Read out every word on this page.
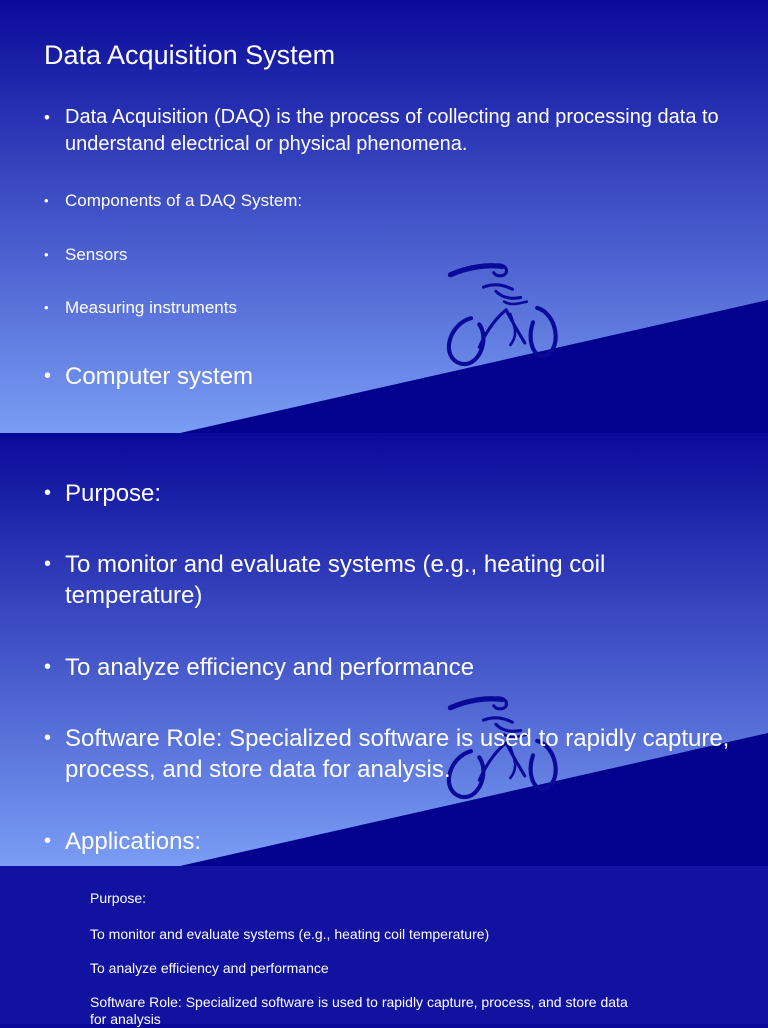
Data Acquisition System
• Data Acquisition (DAQ) is the process of collecting and processing data to understand electrical or physical phenomena.
• Components of a DAQ System:
• Sensors
• Measuring instruments
• Computer system
• Purpose:
• To monitor and evaluate systems (e.g., heating coil temperature)
• To analyze efficiency and performance
• Software Role: Specialized software is used to rapidly capture, process, and store data for analysis.
• Applications:
Purpose:
To monitor and evaluate systems (e.g., heating coil temperature)
To analyze efficiency and performance
Software Role: Specialized software is used to rapidly capture, process, and store data for analysis
